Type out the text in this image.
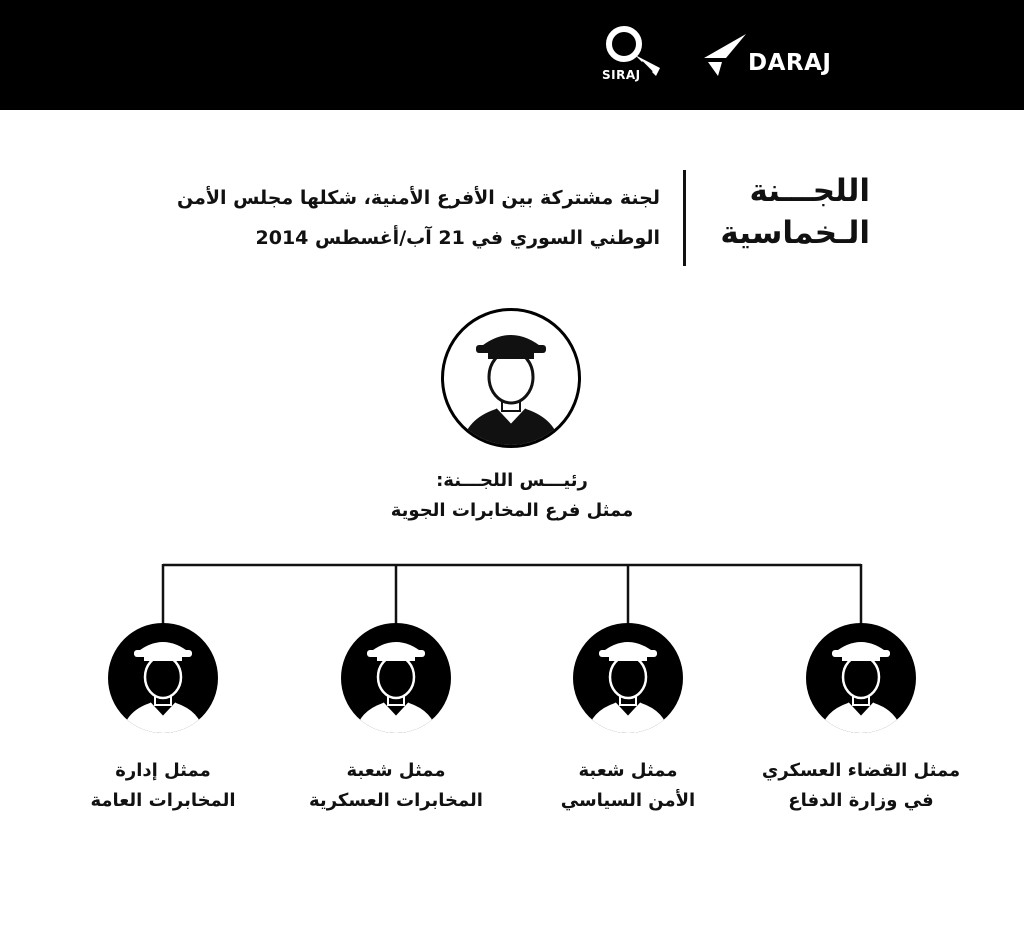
SIRAJ	DARAJ
اللجـــنة
الـخماسية
لجنة مشتركة بين الأفرع الأمنية، شكلها مجلس الأمن
الوطني السوري في 21 آب/أغسطس 2014
رئيـــس اللجـــنة:
ممثل فرع المخابرات الجوية
ممثل القضاء العسكري
في وزارة الدفاع
ممثل شعبة
الأمن السياسي
ممثل شعبة
المخابرات العسكرية
ممثل إدارة
المخابرات العامة
